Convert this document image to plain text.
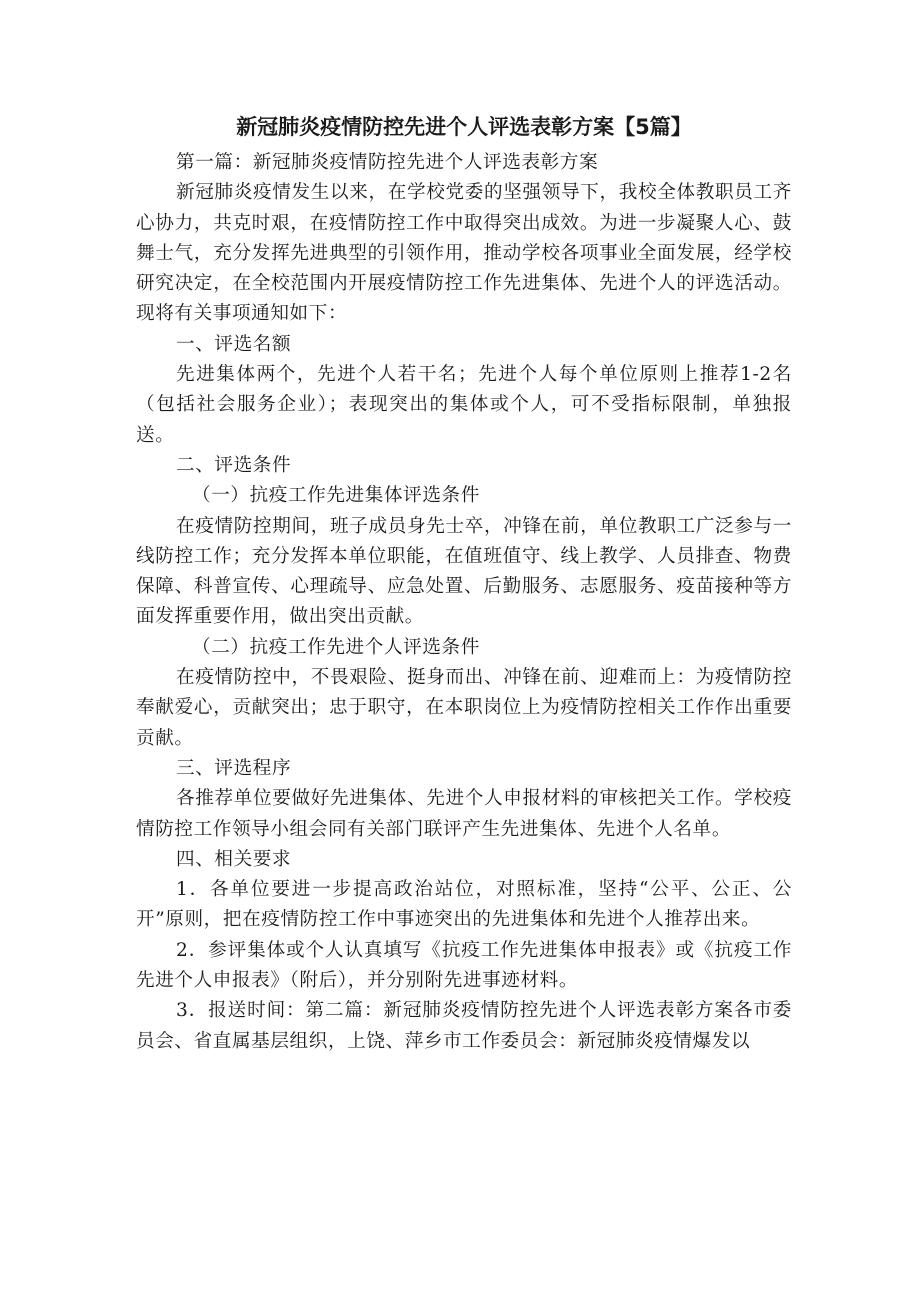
新冠肺炎疫情防控先进个人评选表彰方案【5篇】

第一篇：新冠肺炎疫情防控先进个人评选表彰方案

新冠肺炎疫情发生以来，在学校党委的坚强领导下，我校全体教职员工齐心协力，共克时艰，在疫情防控工作中取得突出成效。为进一步凝聚人心、鼓舞士气，充分发挥先进典型的引领作用，推动学校各项事业全面发展，经学校研究决定，在全校范围内开展疫情防控工作先进集体、先进个人的评选活动。现将有关事项通知如下：

一、评选名额

先进集体两个，先进个人若干名；先进个人每个单位原则上推荐1-2名（包括社会服务企业）；表现突出的集体或个人，可不受指标限制，单独报送。

二、评选条件

（一）抗疫工作先进集体评选条件

在疫情防控期间，班子成员身先士卒，冲锋在前，单位教职工广泛参与一线防控工作；充分发挥本单位职能，在值班值守、线上教学、人员排查、物费保障、科普宣传、心理疏导、应急处置、后勤服务、志愿服务、疫苗接种等方面发挥重要作用，做出突出贡献。

（二）抗疫工作先进个人评选条件

在疫情防控中，不畏艰险、挺身而出、冲锋在前、迎难而上：为疫情防控奉献爱心，贡献突出；忠于职守，在本职岗位上为疫情防控相关工作作出重要贡献。

三、评选程序

各推荐单位要做好先进集体、先进个人申报材料的审核把关工作。学校疫情防控工作领导小组会同有关部门联评产生先进集体、先进个人名单。

四、相关要求

1．各单位要进一步提高政治站位，对照标准，坚持“公平、公正、公开”原则，把在疫情防控工作中事迹突出的先进集体和先进个人推荐出来。

2．参评集体或个人认真填写《抗疫工作先进集体申报表》或《抗疫工作先进个人申报表》（附后），并分别附先进事迹材料。

3．报送时间：第二篇：新冠肺炎疫情防控先进个人评选表彰方案各市委员会、省直属基层组织，上饶、萍乡市工作委员会：新冠肺炎疫情爆发以
